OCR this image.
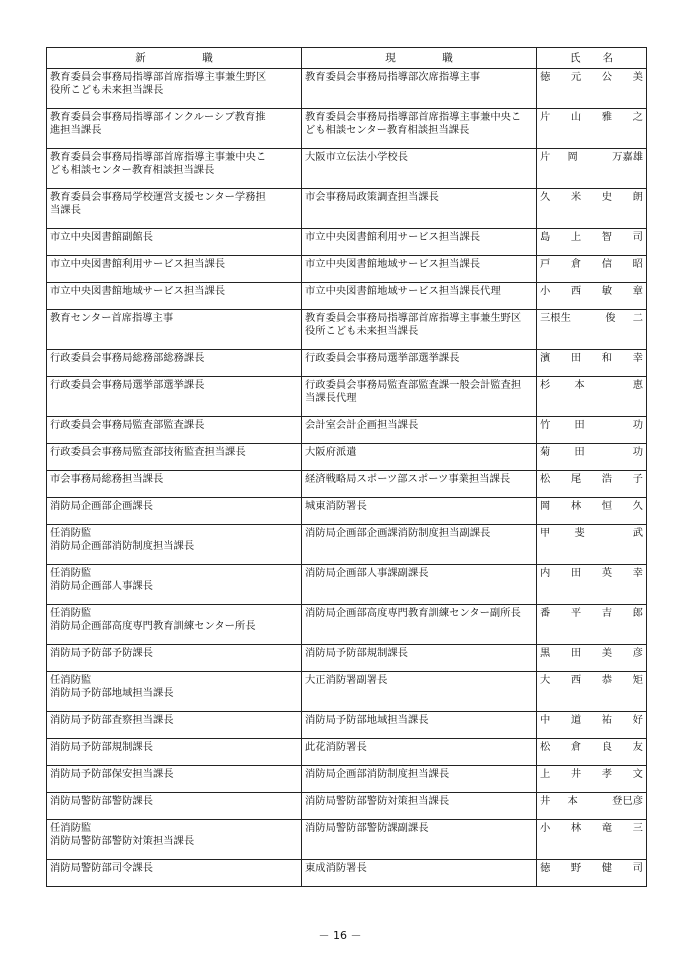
新 職	現 職	氏 名

教育委員会事務局指導部首席指導主事兼生野区
役所こども未来担当課長	教育委員会事務局指導部次席指導主事	徳 元 公 美

教育委員会事務局指導部インクルーシブ教育推
進担当課長	教育委員会事務局指導部首席指導主事兼中央こ
ども相談センター教育相談担当課長	片 山 雅 之

教育委員会事務局指導部首席指導主事兼中央こ
ども相談センター教育相談担当課長	大阪市立伝法小学校長	片 岡 万嘉雄

教育委員会事務局学校運営支援センター学務担
当課長	市会事務局政策調査担当課長	久 米 史 朗

市立中央図書館副館長	市立中央図書館利用サービス担当課長	島 上 智 司

市立中央図書館利用サービス担当課長	市立中央図書館地域サービス担当課長	戸 倉 信 昭

市立中央図書館地域サービス担当課長	市立中央図書館地域サービス担当課長代理	小 西 敏 章

教育センター首席指導主事	教育委員会事務局指導部首席指導主事兼生野区
役所こども未来担当課長	三根生 俊 二

行政委員会事務局総務部総務課長	行政委員会事務局選挙部選挙課長	濱 田 和 幸

行政委員会事務局選挙部選挙課長	行政委員会事務局監査部監査課一般会計監査担
当課長代理	杉 本 恵

行政委員会事務局監査部監査課長	会計室会計企画担当課長	竹 田 功

行政委員会事務局監査部技術監査担当課長	大阪府派遣	菊 田 功

市会事務局総務担当課長	経済戦略局スポーツ部スポーツ事業担当課長	松 尾 浩 子

消防局企画部企画課長	城東消防署長	岡 林 恒 久

任消防監
消防局企画部消防制度担当課長	消防局企画部企画課消防制度担当副課長	甲 斐 武

任消防監
消防局企画部人事課長	消防局企画部人事課副課長	内 田 英 幸

任消防監
消防局企画部高度専門教育訓練センター所長	消防局企画部高度専門教育訓練センター副所長	番 平 吉 郎

消防局予防部予防課長	消防局予防部規制課長	黒 田 美 彦

任消防監
消防局予防部地域担当課長	大正消防署副署長	大 西 恭 矩

消防局予防部査察担当課長	消防局予防部地域担当課長	中 道 祐 好

消防局予防部規制課長	此花消防署長	松 倉 良 友

消防局予防部保安担当課長	消防局企画部消防制度担当課長	上 井 孝 文

消防局警防部警防課長	消防局警防部警防対策担当課長	井 本 登巳彦

任消防監
消防局警防部警防対策担当課長	消防局警防部警防課副課長	小 林 竜 三

消防局警防部司令課長	東成消防署長	徳 野 健 司
－ 16 －
